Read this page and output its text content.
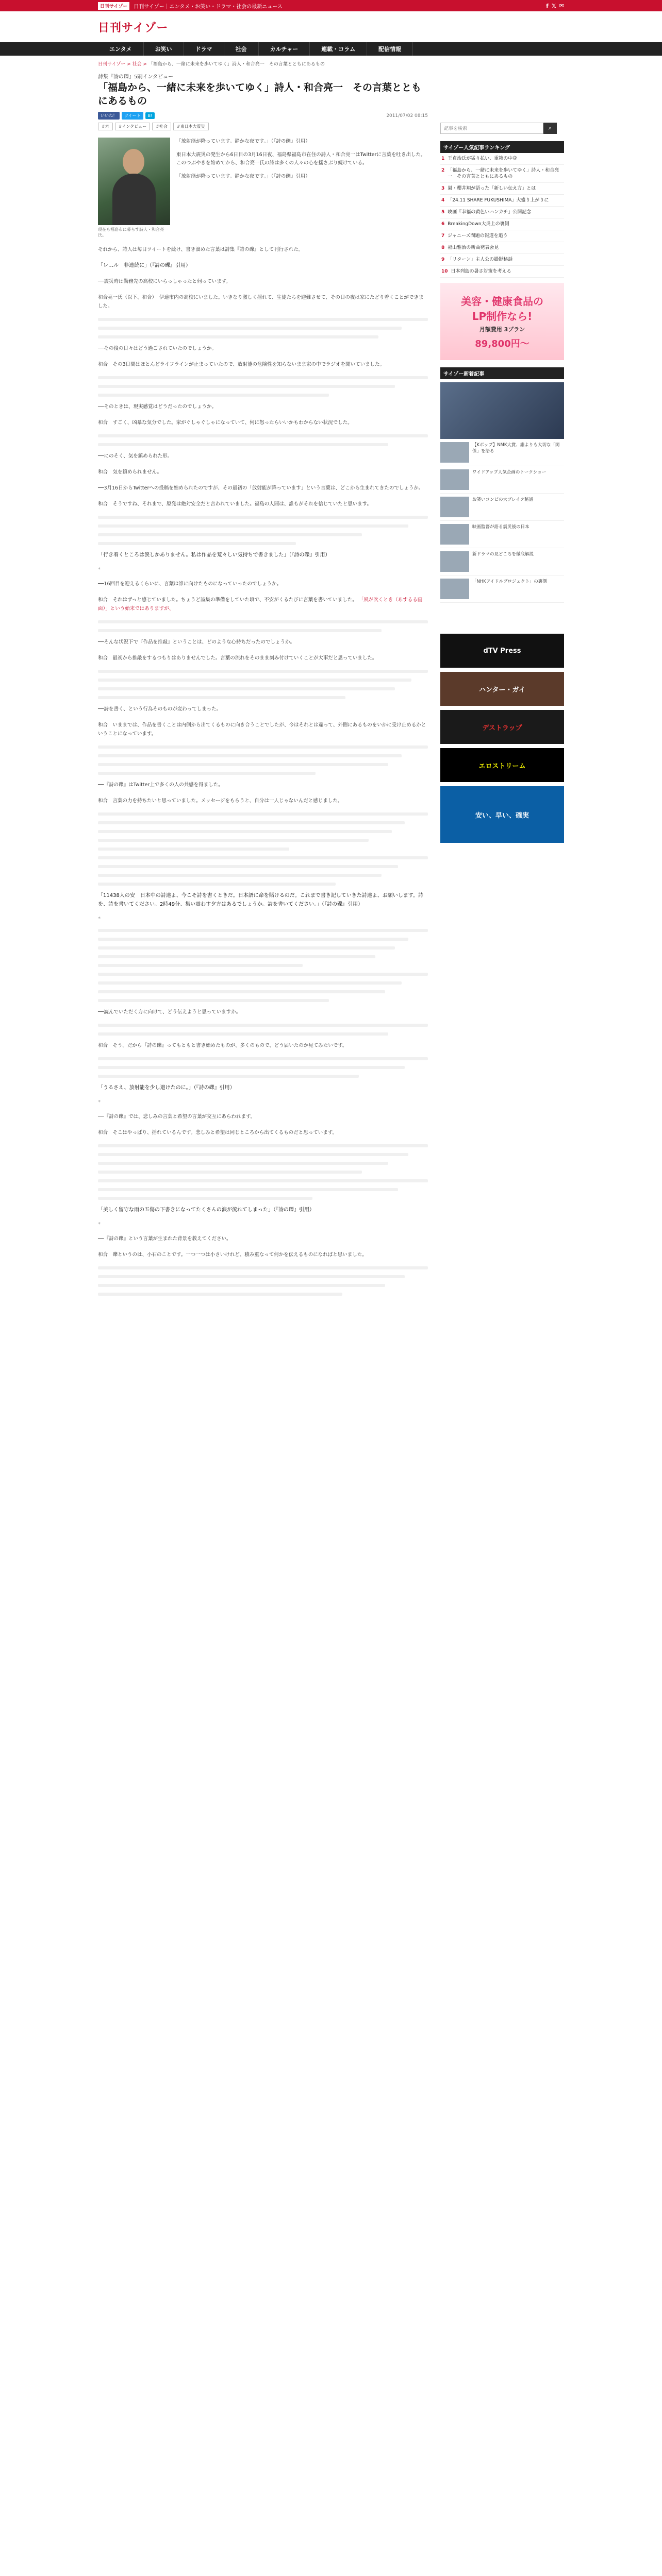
日刊サイゾー	日刊サイゾー｜エンタメ・お笑い・ドラマ・社会の最新ニュース	f 𝕏 ✉
日刊サイゾー
エンタメ	お笑い	ドラマ	社会	カルチャー	連載・コラム	配信情報
日刊サイゾー > 社会 > 「福島から、一緒に未来を歩いてゆく」詩人・和合亮一　その言葉とともにあるもの
詩集『詩の礫』5刷インタビュー
「福島から、一緒に未来を歩いてゆく」詩人・和合亮一　その言葉とともにあるもの
いいね！	ツイート	B!	2011/07/02 08:15
#本	#インタビュー	#社会	#東日本大震災
現在も福島市に暮らす詩人・和合亮一氏。

「放射能が降っています。静かな夜です。」（『詩の礫』引用）

東日本大震災の発生から6日目の3月16日夜、福島県福島市在住の詩人・和合亮一はTwitterに言葉を吐き出した。このつぶやきを始めてから、和合亮一氏の詩は多くの人々の心を揺さぶり続けている。

「放射能が降っています。静かな夜です。」（『詩の礫』引用）

それから、詩人は毎日ツイートを続け、書き溜めた言葉は詩集『詩の礫』として刊行された。

「レ…ル　非連続に」（『詩の礫』引用）

──震災時は勤務先の高校にいらっしゃったと伺っています。

和合亮一氏（以下、和合）　伊達市内の高校にいました。いきなり激しく揺れて、生徒たちを避難させて、その日の夜は家にたどり着くことができました。

──その後の日々はどう過ごされていたのでしょうか。

和合　その3日間はほとんどライフラインが止まっていたので、放射能の危険性を知らないまま家の中でラジオを聞いていました。

──そのときは、現実感覚はどうだったのでしょうか。

和合　すごく、凶暴な気分でした。家がぐしゃぐしゃになっていて、何に怒ったらいいかもわからない状況でした。

──にのそく、気を鎮められた形。

和合　気を鎮められません。

──3月16日からTwitterへの投稿を始められたのですが、その最初の「放射能が降っています」という言葉は、どこから生まれてきたのでしょうか。

和合　そうですね、それまで、原発は絶対安全だと言われていました。福島の人間は、誰もがそれを信じていたと思います。

「行き着くところは涙しかありません。私は作品を荒々しい気持ちで書きました」（『詩の礫』引用）

*

──16回目を迎えるくらいに、言葉は誰に向けたものになっていったのでしょうか。

和合　それはずっと感じていました。ちょうど詩集の準備をしていた頃で、不安がくるたびに言葉を書いていました。 「風が吹くとき（あするる画面）」という始末ではありますが、

──そんな状況下で『作品を推敲』ということは、どのような心持ちだったのでしょうか。

和合　最初から推敲をするつもりはありませんでした。言葉の流れをそのまま刻み付けていくことが大事だと思っていました。

──詩を書く、という行為そのものが変わってしまった。

和合　いままでは、作品を書くことは内側から出てくるものに向き合うことでしたが、今はそれとは違って、外側にあるものをいかに受け止めるかということになっています。

──『詩の礫』はTwitter上で多くの人の共感を得ました。

和合　言葉の力を持ちたいと思っていました。メッセージをもらうと、自分は一人じゃないんだと感じました。

「11438人の安　日本中の詩達よ、今こそ詩を書くときだ。日本語に命を賭けるのだ。これまで書き記していきた詩達よ、お願いします。詩を、詩を書いてください。2時49分、集い震わす夕方はあるでしょうか。詩を書いてください。」（『詩の礫』引用）

*

──読んでいただく方に向けて、どう伝えようと思っていますか。

和合　そう。だから『詩の礫』ってもともと書き始めたものが、多くのもので、どう届いたのか見てみたいです。

「うるさえ、放射能を少し避けたのに。」（『詩の礫』引用）

*

──『詩の礫』では、悲しみの言葉と希望の言葉が交互にあらわれます。

和合　そこはやっぱり、揺れているんです。悲しみと希望は同じところから出てくるものだと思っています。

「美しく留守な雨の五傷の下書きになってたくさんの涙が流れてしまった」（『詩の礫』引用）

*

──『詩の礫』という言葉が生まれた背景を教えてください。

和合　礫というのは、小石のことです。一つ一つは小さいけれど、積み重なって何かを伝えるものになればと思いました。

記事を検索
⌕
サイゾー人気記事ランキング
1 王貞治氏が猛り払い、重箱の中身
2 「福島から、一緒に未来を歩いてゆく」詩人・和合亮一　その言葉とともにあるもの
3 嵐・櫻井翔が語った「新しい伝え方」とは
4 「24.11 SHARE FUKUSHIMA」大盛り上がりに
5 映画『幸福の黄色いハンカチ』公開記念
6 BreakingDown大炎上の裏側
7 ジャニーズ問題の報道を追う
8 福山雅治の新曲発表会見
9 「リターン」主人公の撮影秘話
10 日本列島の暑さ対策を考える
美容・健康食品の
LP制作なら!
月額費用 3プラン
89,800円〜
サイゾー新着記事
【Kポップ】NMK大賞、誰よりも大切な「関係」を語る
ワイドアップ人気企画のトークショー
お笑いコンビの大ブレイク秘話
映画監督が語る震災後の日本
新ドラマの見どころを徹底解説
「NHKアイドルプロジェクト」の裏側
dTV Press
ハンター・ガイ
デストラップ
エロストリーム
安い、早い、確実
